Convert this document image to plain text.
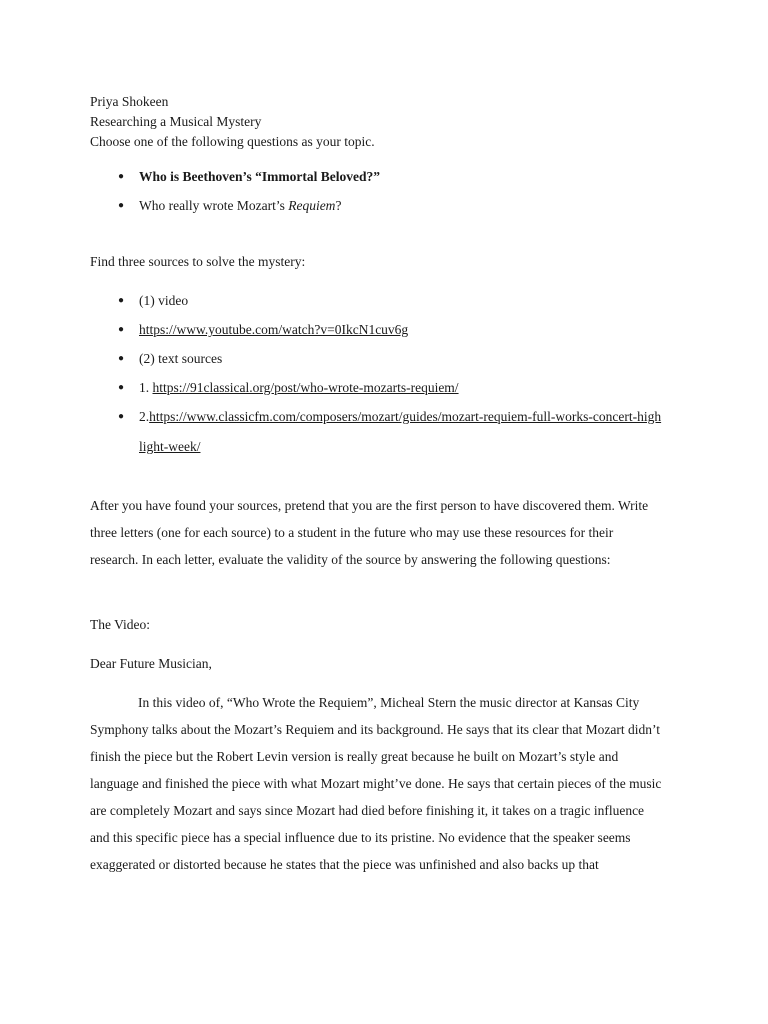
Priya Shokeen

Researching a Musical Mystery

Choose one of the following questions as your topic.

● Who is Beethoven’s “Immortal Beloved?”
● Who really wrote Mozart’s Requiem?

Find three sources to solve the mystery:

● (1) video
● https://www.youtube.com/watch?v=0IkcN1cuv6g
● (2) text sources
● 1. https://91classical.org/post/who-wrote-mozarts-requiem/
● 2.https://www.classicfm.com/composers/mozart/guides/mozart-requiem-full-works-concert-high
light-week/

After you have found your sources, pretend that you are the first person to have discovered them. Write

three letters (one for each source) to a student in the future who may use these resources for their

research. In each letter, evaluate the validity of the source by answering the following questions:

The Video:

Dear Future Musician,

In this video of, “Who Wrote the Requiem”, Micheal Stern the music director at Kansas City

Symphony talks about the Mozart’s Requiem and its background. He says that its clear that Mozart didn’t

finish the piece but the Robert Levin version is really great because he built on Mozart’s style and

language and finished the piece with what Mozart might’ve done. He says that certain pieces of the music

are completely Mozart and says since Mozart had died before finishing it, it takes on a tragic influence

and this specific piece has a special influence due to its pristine. No evidence that the speaker seems

exaggerated or distorted because he states that the piece was unfinished and also backs up that
